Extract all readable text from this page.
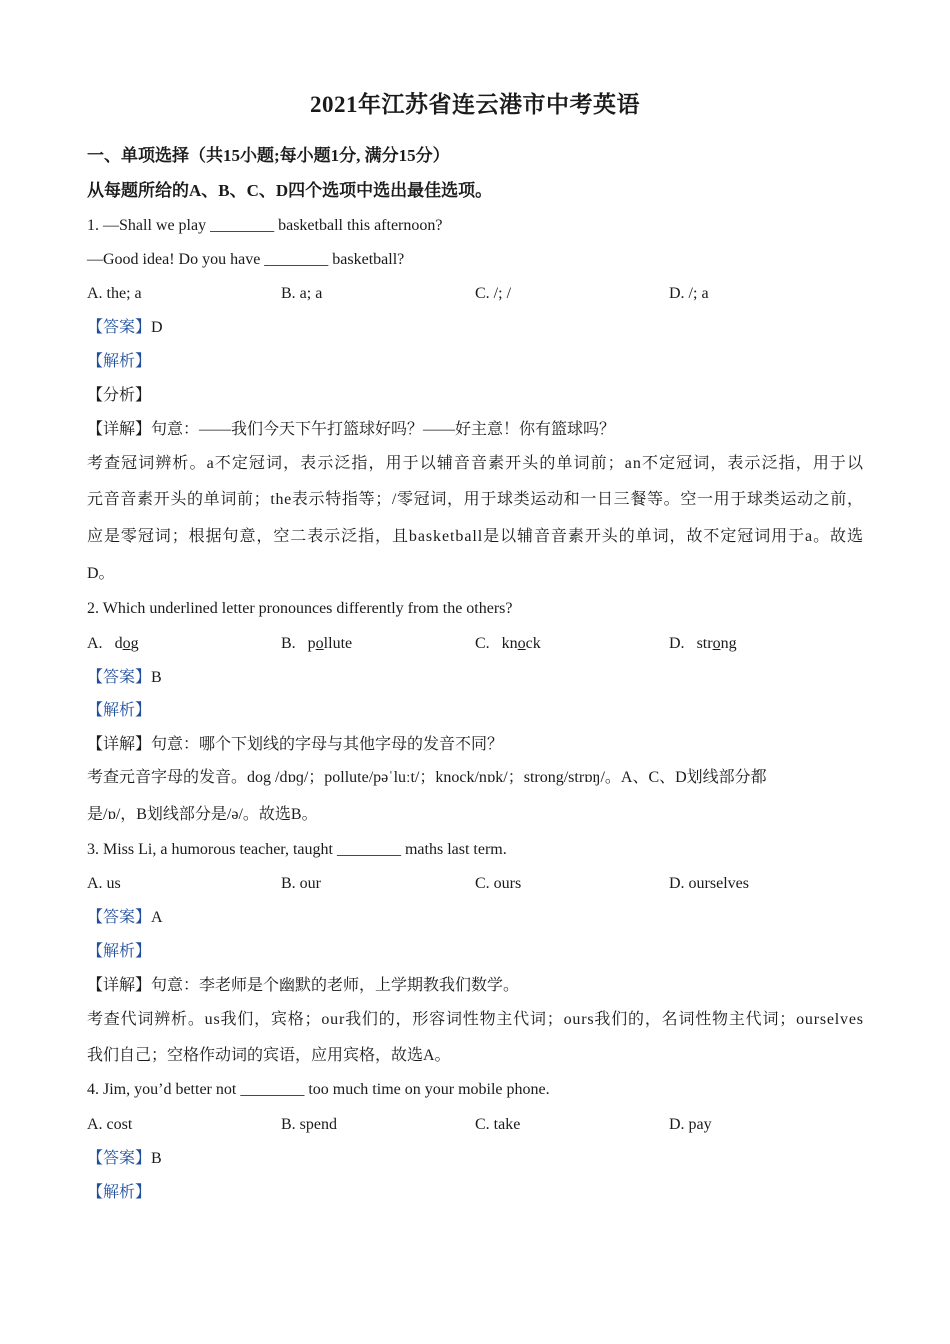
2021年江苏省连云港市中考英语
一、单项选择（共15小题;每小题1分, 满分15分）
从每题所给的A、B、C、D四个选项中选出最佳选项。
1. —Shall we play ________ basketball this afternoon?
—Good idea! Do you have ________ basketball?
A. the; a	B. a; a	C. /; /	D. /; a
【答案】D
【解析】
【分析】
【详解】句意：——我们今天下午打篮球好吗？——好主意！你有篮球吗？
考查冠词辨析。a不定冠词，表示泛指，用于以辅音音素开头的单词前；an不定冠词，表示泛指，用于以
元音音素开头的单词前；the表示特指等；/零冠词，用于球类运动和一日三餐等。空一用于球类运动之前，
应是零冠词；根据句意，空二表示泛指，且basketball是以辅音音素开头的单词，故不定冠词用于a。故选
D。
2. Which underlined letter pronounces differently from the others?
A. dog	B. pollute	C. knock	D. strong
【答案】B
【解析】
【详解】句意：哪个下划线的字母与其他字母的发音不同？
考查元音字母的发音。dog /dɒɡ/；pollute/pəˈluːt/；knock/nɒk/；strong/strɒŋ/。A、C、D划线部分都
是/ɒ/，B划线部分是/ə/。故选B。
3. Miss Li, a humorous teacher, taught ________ maths last term.
A. us	B. our	C. ours	D. ourselves
【答案】A
【解析】
【详解】句意：李老师是个幽默的老师，上学期教我们数学。
考查代词辨析。us我们，宾格；our我们的，形容词性物主代词；ours我们的，名词性物主代词；ourselves
我们自己；空格作动词的宾语，应用宾格，故选A。
4. Jim, you’d better not ________ too much time on your mobile phone.
A. cost	B. spend	C. take	D. pay
【答案】B
【解析】
